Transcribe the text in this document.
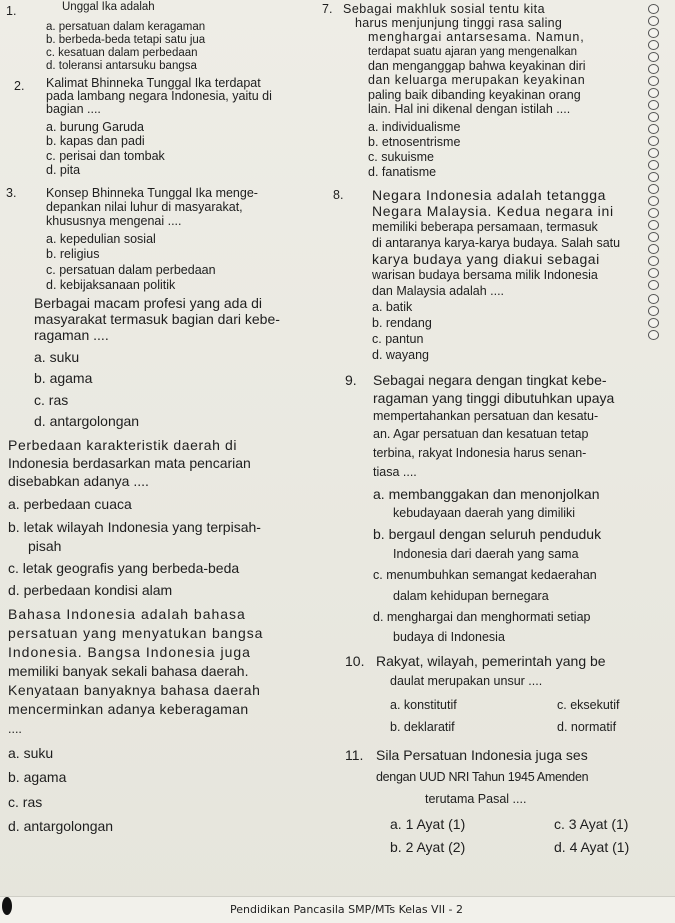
1.	Unggal Ika adalah
a. persatuan dalam keragaman
b. berbeda-beda tetapi satu jua
c. kesatuan dalam perbedaan
d. toleransi antarsuku bangsa
2. Kalimat Bhinneka Tunggal Ika terdapat
pada lambang negara Indonesia, yaitu di
bagian ....
a. burung Garuda
b. kapas dan padi
c. perisai dan tombak
d. pita
3. Konsep Bhinneka Tunggal Ika menge-
depankan nilai luhur di masyarakat,
khususnya mengenai ....
a. kepedulian sosial
b. religius
c. persatuan dalam perbedaan
d. kebijaksanaan politik
Berbagai macam profesi yang ada di
masyarakat termasuk bagian dari kebe-
ragaman ....
a. suku
b. agama
c. ras
d. antargolongan
Perbedaan karakteristik daerah di
Indonesia berdasarkan mata pencarian
disebabkan adanya ....
a. perbedaan cuaca
b. letak wilayah Indonesia yang terpisah-
pisah
c. letak geografis yang berbeda-beda
d. perbedaan kondisi alam
Bahasa Indonesia adalah bahasa
persatuan yang menyatukan bangsa
Indonesia. Bangsa Indonesia juga
memiliki banyak sekali bahasa daerah.
Kenyataan banyaknya bahasa daerah
mencerminkan adanya keberagaman
....
a. suku
b. agama
c. ras
d. antargolongan
7. Sebagai makhluk sosial tentu kita
harus menjunjung tinggi rasa saling
menghargai antarsesama. Namun,
terdapat suatu ajaran yang mengenalkan
dan menganggap bahwa keyakinan diri
dan keluarga merupakan keyakinan
paling baik dibanding keyakinan orang
lain. Hal ini dikenal dengan istilah ....
a. individualisme
b. etnosentrisme
c. sukuisme
d. fanatisme
8. Negara Indonesia adalah tetangga
Negara Malaysia. Kedua negara ini
memiliki beberapa persamaan, termasuk
di antaranya karya-karya budaya. Salah satu
karya budaya yang diakui sebagai
warisan budaya bersama milik Indonesia
dan Malaysia adalah ....
a. batik
b. rendang
c. pantun
d. wayang
9. Sebagai negara dengan tingkat kebe-
ragaman yang tinggi dibutuhkan upaya
mempertahankan persatuan dan kesatu-
an. Agar persatuan dan kesatuan tetap
terbina, rakyat Indonesia harus senan-
tiasa ....
a. membanggakan dan menonjolkan
kebudayaan daerah yang dimiliki
b. bergaul dengan seluruh penduduk
Indonesia dari daerah yang sama
c. menumbuhkan semangat kedaerahan
dalam kehidupan bernegara
d. menghargai dan menghormati setiap
budaya di Indonesia
10. Rakyat, wilayah, pemerintah yang be
daulat merupakan unsur ....
a. konstitutif
b. deklaratif
c. eksekutif
d. normatif
11. Sila Persatuan Indonesia juga ses
dengan UUD NRI Tahun 1945 Amenden
terutama Pasal ....
a. 1 Ayat (1)
b. 2 Ayat (2)
c. 3 Ayat (1)
d. 4 Ayat (1)
Pendidikan Pancasila SMP/MTs Kelas VII - 2
